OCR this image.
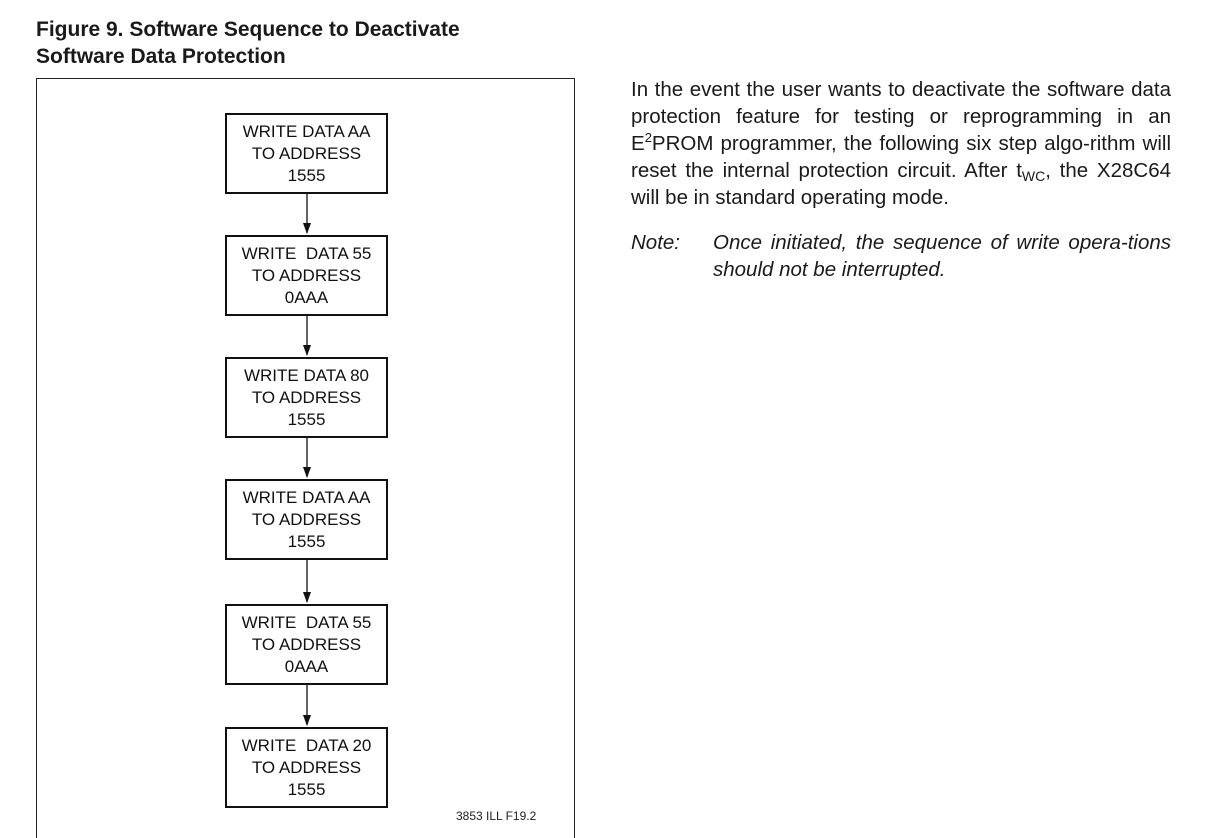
Figure 9. Software Sequence to Deactivate
Software Data Protection
WRITE DATA AA
TO ADDRESS
1555
WRITE  DATA 55
TO ADDRESS
0AAA
WRITE DATA 80
TO ADDRESS
1555
WRITE DATA AA
TO ADDRESS
1555
WRITE  DATA 55
TO ADDRESS
0AAA
WRITE  DATA 20
TO ADDRESS
1555
3853 ILL F19.2
In the event the user wants to deactivate the software data protection feature for testing or reprogramming in an $E^2PROM$ programmer, the following six step algo-rithm will reset the internal protection circuit. After $t_{WC}$, the X28C64 will be in standard operating mode.
Note: Once initiated, the sequence of write opera-tions should not be interrupted.
